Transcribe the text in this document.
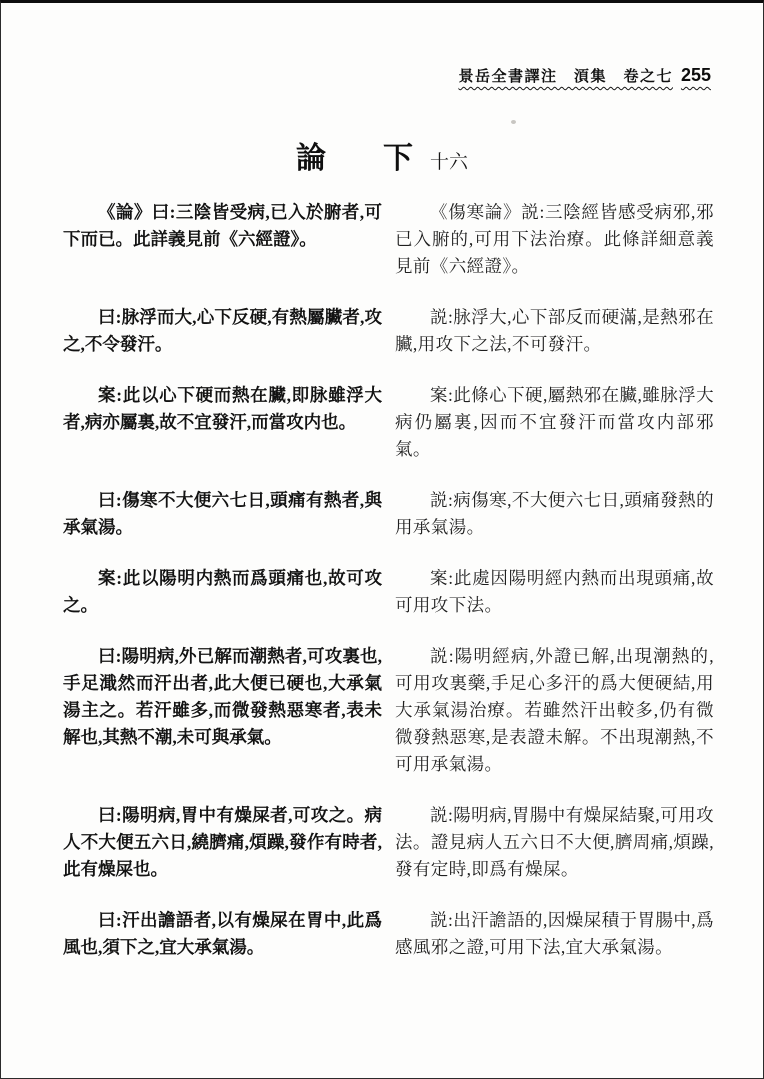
景岳全書譯注　湏集　卷之七 255
論 下 十六

《論》曰:三陰皆受病,已入於腑者,可下而已。此詳義見前《六經證》。

《傷寒論》説:三陰經皆感受病邪,邪已入腑的,可用下法治療。此條詳細意義見前《六經證》。

曰:脉浮而大,心下反硬,有熱屬臟者,攻之,不令發汗。

説:脉浮大,心下部反而硬滿,是熱邪在臟,用攻下之法,不可發汗。

案:此以心下硬而熱在臟,即脉雖浮大者,病亦屬裏,故不宜發汗,而當攻内也。

案:此條心下硬,屬熱邪在臟,雖脉浮大病仍屬裏,因而不宜發汗而當攻内部邪氣。

曰:傷寒不大便六七日,頭痛有熱者,與承氣湯。

説:病傷寒,不大便六七日,頭痛發熱的用承氣湯。

案:此以陽明内熱而爲頭痛也,故可攻之。

案:此處因陽明經内熱而出現頭痛,故可用攻下法。

曰:陽明病,外已解而潮熱者,可攻裏也,手足濈然而汗出者,此大便已硬也,大承氣湯主之。若汗雖多,而微發熱惡寒者,表未解也,其熱不潮,未可與承氣。

説:陽明經病,外證已解,出現潮熱的,可用攻裏藥,手足心多汗的爲大便硬結,用大承氣湯治療。若雖然汗出較多,仍有微微發熱惡寒,是表證未解。不出現潮熱,不可用承氣湯。

曰:陽明病,胃中有燥屎者,可攻之。病人不大便五六日,繞臍痛,煩躁,發作有時者,此有燥屎也。

説:陽明病,胃腸中有燥屎結聚,可用攻法。證見病人五六日不大便,臍周痛,煩躁,發有定時,即爲有燥屎。

曰:汗出譫語者,以有燥屎在胃中,此爲風也,須下之,宜大承氣湯。

説:出汗譫語的,因燥屎積于胃腸中,爲感風邪之證,可用下法,宜大承氣湯。
